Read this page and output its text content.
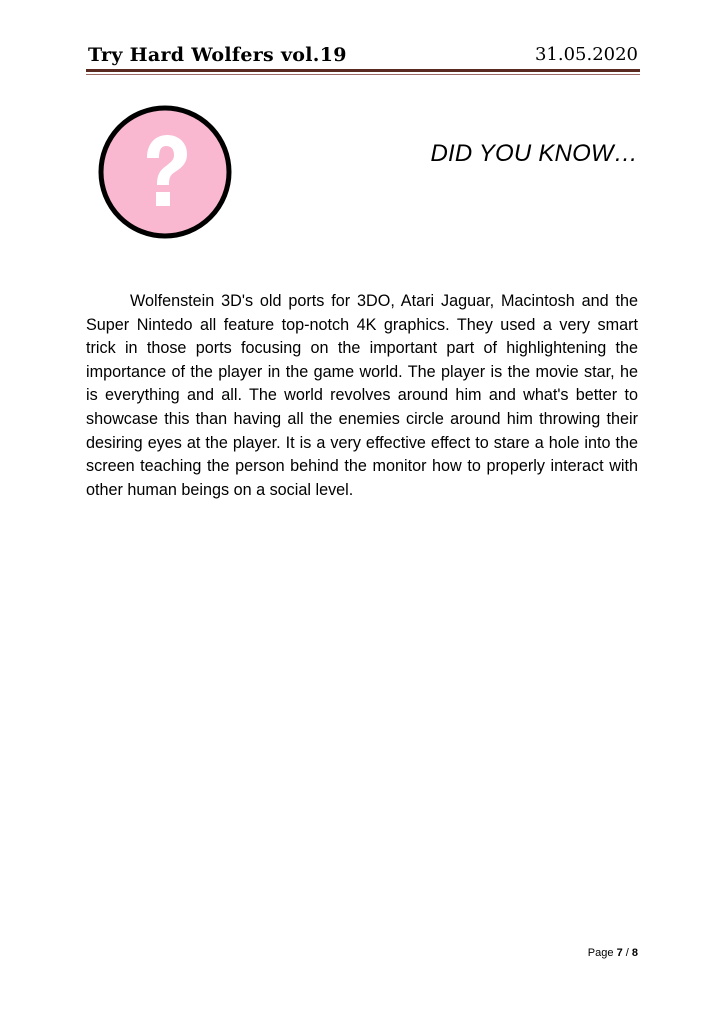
Try Hard Wolfers vol.19	31.05.2020
DID YOU KNOW…

Wolfenstein 3D's old ports for 3DO, Atari Jaguar, Macintosh and the Super Nintedo all feature top-notch 4K graphics. They used a very smart trick in those ports focusing on the important part of highlightening the importance of the player in the game world. The player is the movie star, he is everything and all. The world revolves around him and what's better to showcase this than having all the enemies circle around him throwing their desiring eyes at the player. It is a very effective effect to stare a hole into the screen teaching the person behind the monitor how to properly interact with other human beings on a social level.

Page 7 / 8
